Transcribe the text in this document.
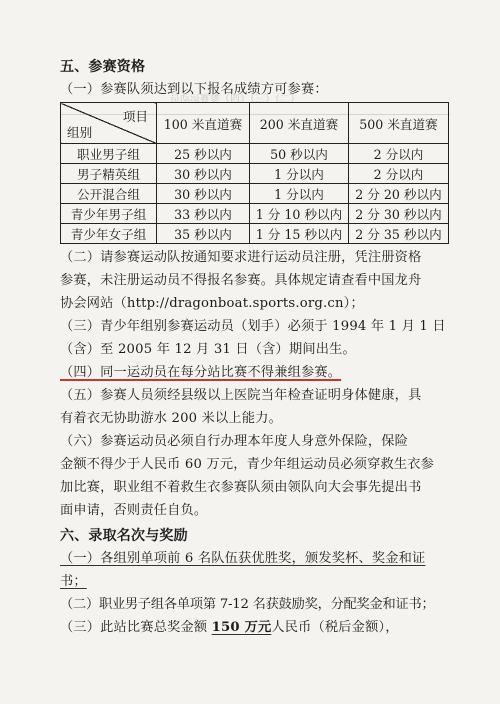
（二）（三）（四）参赛运动员
五、参赛资格
（一）参赛队须达到以下报名成绩方可参赛：
项目
组别	100 米直道赛	200 米直道赛	500 米直道赛
职业男子组	25 秒以内	50 秒以内	2 分以内
男子精英组	30 秒以内	1 分以内	2 分以内
公开混合组	30 秒以内	1 分以内	2 分 20 秒以内
青少年男子组	33 秒以内	1 分 10 秒以内	2 分 30 秒以内
青少年女子组	35 秒以内	1 分 15 秒以内	2 分 35 秒以内
（二）请参赛运动队按通知要求进行运动员注册，凭注册资格
参赛，未注册运动员不得报名参赛。具体规定请查看中国龙舟
协会网站（http://dragonboat.sports.org.cn）；
（三）青少年组别参赛运动员（划手）必须于 1994 年 1 月 1 日
（含）至 2005 年 12 月 31 日（含）期间出生。
（四）同一运动员在每分站比赛不得兼组参赛。
（五）参赛人员须经县级以上医院当年检查证明身体健康，具
有着衣无协助游水 200 米以上能力。
（六）参赛运动员必须自行办理本年度人身意外保险，保险
金额不得少于人民币 60 万元，青少年组运动员必须穿救生衣参
加比赛，职业组不着救生衣参赛队须由领队向大会事先提出书
面申请，否则责任自负。
六、录取名次与奖励
（一）各组别单项前 6 名队伍获优胜奖，颁发奖杯、奖金和证
书；
（二）职业男子组各单项第 7-12 名获鼓励奖，分配奖金和证书；
（三）此站比赛总奖金额 150 万元人民币（税后金额），
